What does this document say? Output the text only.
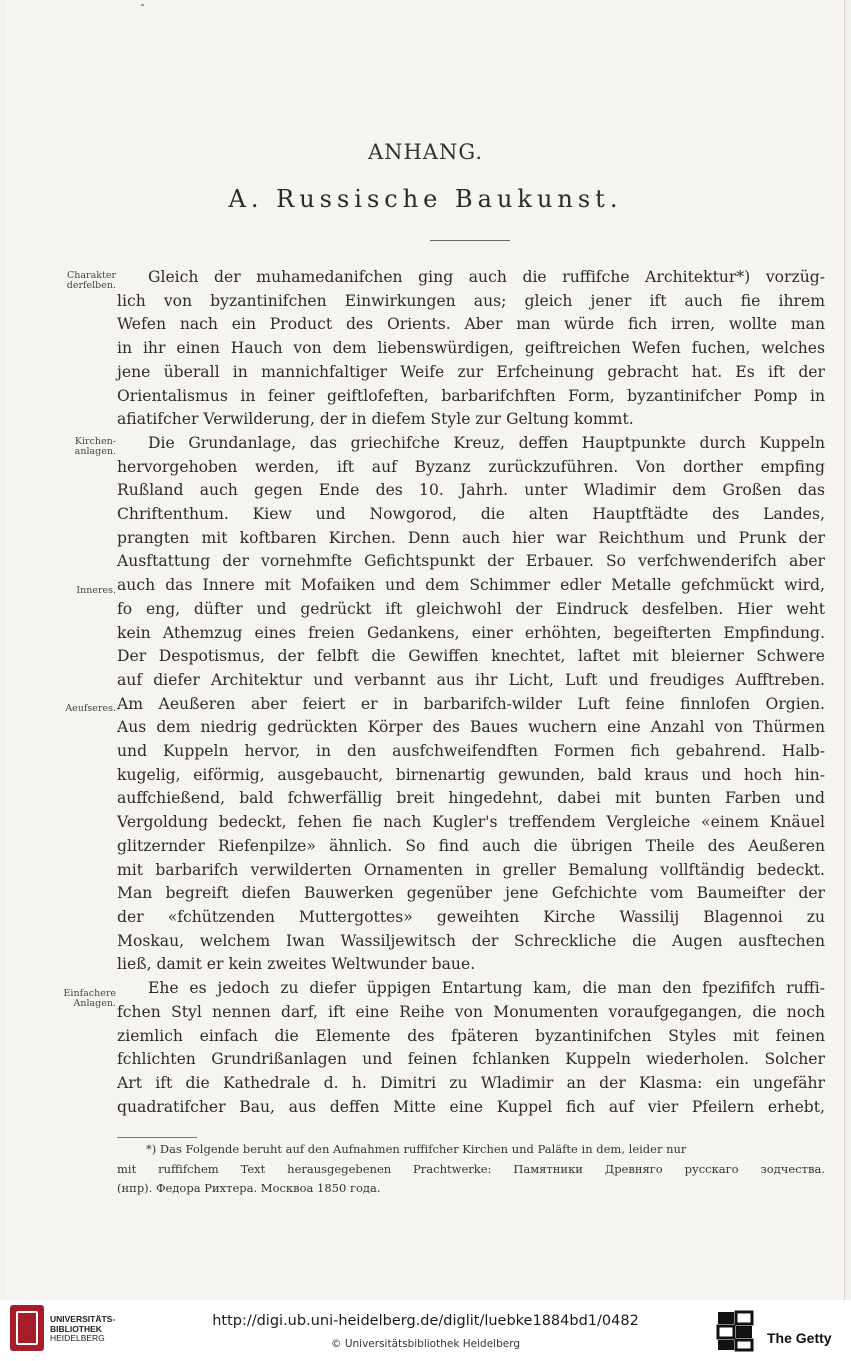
ANHANG.
A. Russische Baukunst.
Charakter
derfelben.
Kirchen-
anlagen.
Inneres.
Aeufseres.
Einfachere
Anlagen.

Gleich der muhamedanifchen ging auch die ruffifche Architektur*) vorzüg-

lich von byzantinifchen Einwirkungen aus; gleich jener ift auch fie ihrem

Wefen nach ein Product des Orients. Aber man würde fich irren, wollte man

in ihr einen Hauch von dem liebenswürdigen, geiftreichen Wefen fuchen, welches

jene überall in mannichfaltiger Weife zur Erfcheinung gebracht hat. Es ift der

Orientalismus in feiner geiftlofeften, barbarifchften Form, byzantinifcher Pomp in

afiatifcher Verwilderung, der in diefem Style zur Geltung kommt.

Die Grundanlage, das griechifche Kreuz, deffen Hauptpunkte durch Kuppeln

hervorgehoben werden, ift auf Byzanz zurückzuführen. Von dorther empfing

Rußland auch gegen Ende des 10. Jahrh. unter Wladimir dem Großen das

Chriftenthum. Kiew und Nowgorod, die alten Hauptftädte des Landes,

prangten mit koftbaren Kirchen. Denn auch hier war Reichthum und Prunk der

Ausftattung der vornehmfte Gefichtspunkt der Erbauer. So verfchwenderifch aber

auch das Innere mit Mofaiken und dem Schimmer edler Metalle gefchmückt wird,

fo eng, düfter und gedrückt ift gleichwohl der Eindruck desfelben. Hier weht

kein Athemzug eines freien Gedankens, einer erhöhten, begeifterten Empfindung.

Der Despotismus, der felbft die Gewiffen knechtet, laftet mit bleierner Schwere

auf diefer Architektur und verbannt aus ihr Licht, Luft und freudiges Aufftreben.

Am Aeußeren aber feiert er in barbarifch-wilder Luft feine finnlofen Orgien.

Aus dem niedrig gedrückten Körper des Baues wuchern eine Anzahl von Thürmen

und Kuppeln hervor, in den ausfchweifendften Formen fich gebahrend. Halb-

kugelig, eiförmig, ausgebaucht, birnenartig gewunden, bald kraus und hoch hin-

auffchießend, bald fchwerfällig breit hingedehnt, dabei mit bunten Farben und

Vergoldung bedeckt, fehen fie nach Kugler's treffendem Vergleiche «einem Knäuel

glitzernder Riefenpilze» ähnlich. So find auch die übrigen Theile des Aeußeren

mit barbarifch verwilderten Ornamenten in greller Bemalung vollftändig bedeckt.

Man begreift diefen Bauwerken gegenüber jene Gefchichte vom Baumeifter der

der «fchützenden Muttergottes» geweihten Kirche Wassilij Blagennoi zu

Moskau, welchem Iwan Wassiljewitsch der Schreckliche die Augen ausftechen

ließ, damit er kein zweites Weltwunder baue.

Ehe es jedoch zu diefer üppigen Entartung kam, die man den fpezififch ruffi-

fchen Styl nennen darf, ift eine Reihe von Monumenten voraufgegangen, die noch

ziemlich einfach die Elemente des fpäteren byzantinifchen Styles mit feinen

fchlichten Grundrißanlagen und feinen fchlanken Kuppeln wiederholen. Solcher

Art ift die Kathedrale d. h. Dimitri zu Wladimir an der Klasma: ein ungefähr

quadratifcher Bau, aus deffen Mitte eine Kuppel fich auf vier Pfeilern erhebt,

*) Das Folgende beruht auf den Aufnahmen ruffifcher Kirchen und Paläfte in dem, leider nur

mit ruffifchem Text herausgegebenen Prachtwerke: Памятники Древняго русскаго зодчества.

(нпр). Федора Рихтера. Москвоа 1850 года.

UNIVERSITÄTS-
BIBLIOTHEK
HEIDELBERG
http://digi.ub.uni-heidelberg.de/diglit/luebke1884bd1/0482
© Universitätsbibliothek Heidelberg	The Getty
